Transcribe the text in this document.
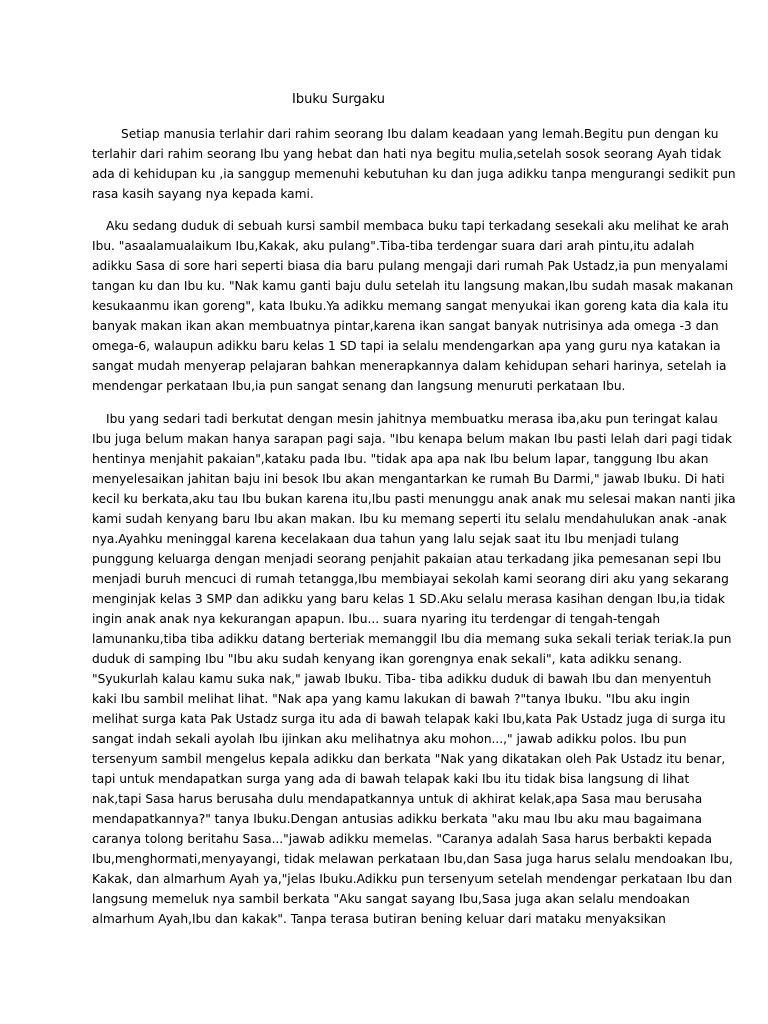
Ibuku Surgaku
Setiap manusia terlahir dari rahim seorang Ibu dalam keadaan yang lemah.Begitu pun dengan ku
terlahir dari rahim seorang Ibu yang hebat dan hati nya begitu mulia,setelah sosok seorang Ayah tidak
ada di kehidupan ku ,ia sanggup memenuhi kebutuhan ku dan juga adikku tanpa mengurangi sedikit pun
rasa kasih sayang nya kepada kami.
Aku sedang duduk di sebuah kursi sambil membaca buku tapi terkadang sesekali aku melihat ke arah
Ibu. "asaalamualaikum Ibu,Kakak, aku pulang".Tiba-tiba terdengar suara dari arah pintu,itu adalah
adikku Sasa di sore hari seperti biasa dia baru pulang mengaji dari rumah Pak Ustadz,ia pun menyalami
tangan ku dan Ibu ku. "Nak kamu ganti baju dulu setelah itu langsung makan,Ibu sudah masak makanan
kesukaanmu ikan goreng", kata Ibuku.Ya adikku memang sangat menyukai ikan goreng kata dia kala itu
banyak makan ikan akan membuatnya pintar,karena ikan sangat banyak nutrisinya ada omega -3 dan
omega-6, walaupun adikku baru kelas 1 SD tapi ia selalu mendengarkan apa yang guru nya katakan ia
sangat mudah menyerap pelajaran bahkan menerapkannya dalam kehidupan sehari harinya, setelah ia
mendengar perkataan Ibu,ia pun sangat senang dan langsung menuruti perkataan Ibu.
Ibu yang sedari tadi berkutat dengan mesin jahitnya membuatku merasa iba,aku pun teringat kalau
Ibu juga belum makan hanya sarapan pagi saja. "Ibu kenapa belum makan Ibu pasti lelah dari pagi tidak
hentinya menjahit pakaian",kataku pada Ibu. "tidak apa apa nak Ibu belum lapar, tanggung Ibu akan
menyelesaikan jahitan baju ini besok Ibu akan mengantarkan ke rumah Bu Darmi," jawab Ibuku. Di hati
kecil ku berkata,aku tau Ibu bukan karena itu,Ibu pasti menunggu anak anak mu selesai makan nanti jika
kami sudah kenyang baru Ibu akan makan. Ibu ku memang seperti itu selalu mendahulukan anak -anak
nya.Ayahku meninggal karena kecelakaan dua tahun yang lalu sejak saat itu Ibu menjadi tulang
punggung keluarga dengan menjadi seorang penjahit pakaian atau terkadang jika pemesanan sepi Ibu
menjadi buruh mencuci di rumah tetangga,Ibu membiayai sekolah kami seorang diri aku yang sekarang
menginjak kelas 3 SMP dan adikku yang baru kelas 1 SD.Aku selalu merasa kasihan dengan Ibu,ia tidak
ingin anak anak nya kekurangan apapun. Ibu... suara nyaring itu terdengar di tengah-tengah
lamunanku,tiba tiba adikku datang berteriak memanggil Ibu dia memang suka sekali teriak teriak.Ia pun
duduk di samping Ibu "Ibu aku sudah kenyang ikan gorengnya enak sekali", kata adikku senang.
"Syukurlah kalau kamu suka nak," jawab Ibuku. Tiba- tiba adikku duduk di bawah Ibu dan menyentuh
kaki Ibu sambil melihat lihat. "Nak apa yang kamu lakukan di bawah ?"tanya Ibuku. "Ibu aku ingin
melihat surga kata Pak Ustadz surga itu ada di bawah telapak kaki Ibu,kata Pak Ustadz juga di surga itu
sangat indah sekali ayolah Ibu ijinkan aku melihatnya aku mohon...," jawab adikku polos. Ibu pun
tersenyum sambil mengelus kepala adikku dan berkata "Nak yang dikatakan oleh Pak Ustadz itu benar,
tapi untuk mendapatkan surga yang ada di bawah telapak kaki Ibu itu tidak bisa langsung di lihat
nak,tapi Sasa harus berusaha dulu mendapatkannya untuk di akhirat kelak,apa Sasa mau berusaha
mendapatkannya?" tanya Ibuku.Dengan antusias adikku berkata "aku mau Ibu aku mau bagaimana
caranya tolong beritahu Sasa..."jawab adikku memelas. "Caranya adalah Sasa harus berbakti kepada
Ibu,menghormati,menyayangi, tidak melawan perkataan Ibu,dan Sasa juga harus selalu mendoakan Ibu,
Kakak, dan almarhum Ayah ya,"jelas Ibuku.Adikku pun tersenyum setelah mendengar perkataan Ibu dan
langsung memeluk nya sambil berkata "Aku sangat sayang Ibu,Sasa juga akan selalu mendoakan
almarhum Ayah,Ibu dan kakak". Tanpa terasa butiran bening keluar dari mataku menyaksikan
